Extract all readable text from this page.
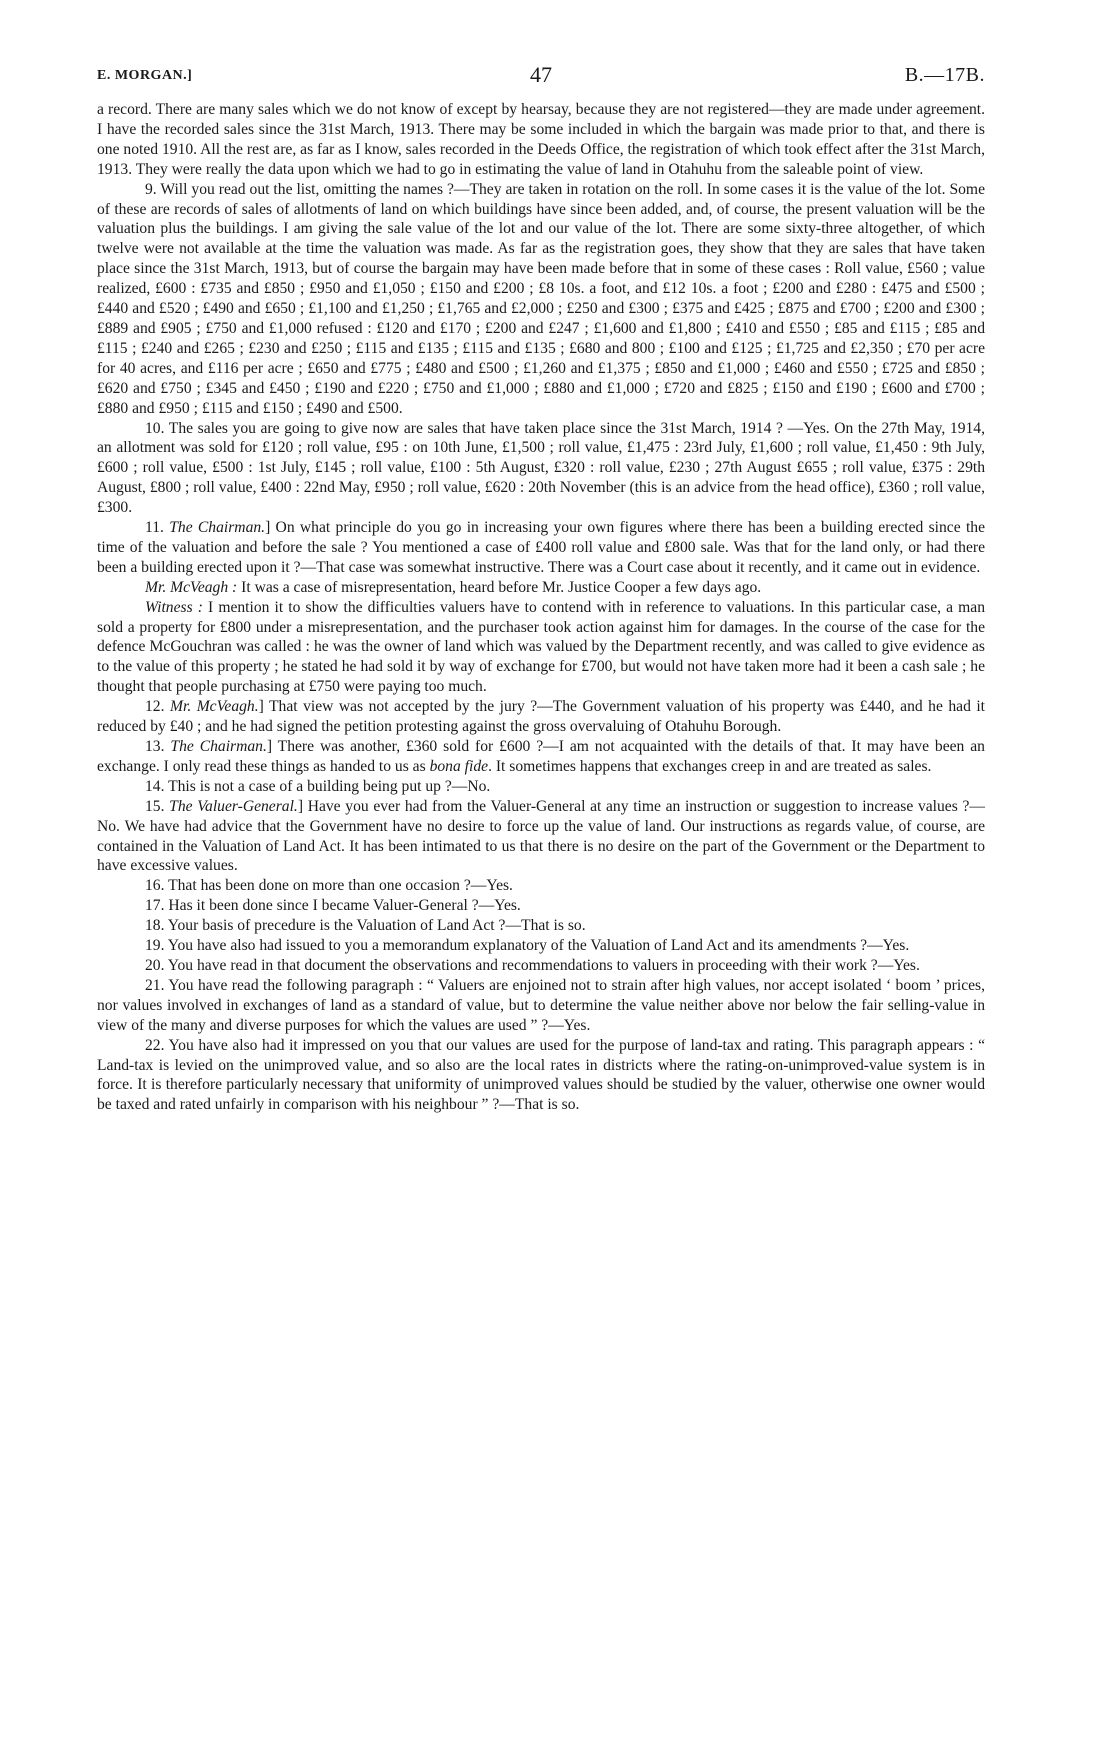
E. MORGAN.]	47	B.—17B.

a record. There are many sales which we do not know of except by hearsay, because they are not registered—they are made under agreement. I have the recorded sales since the 31st March, 1913. There may be some included in which the bargain was made prior to that, and there is one noted 1910. All the rest are, as far as I know, sales recorded in the Deeds Office, the registration of which took effect after the 31st March, 1913. They were really the data upon which we had to go in estimating the value of land in Otahuhu from the saleable point of view.

9. Will you read out the list, omitting the names ?—They are taken in rotation on the roll. In some cases it is the value of the lot. Some of these are records of sales of allotments of land on which buildings have since been added, and, of course, the present valuation will be the valuation plus the buildings. I am giving the sale value of the lot and our value of the lot. There are some sixty-three altogether, of which twelve were not available at the time the valuation was made. As far as the registration goes, they show that they are sales that have taken place since the 31st March, 1913, but of course the bargain may have been made before that in some of these cases : Roll value, £560 ; value realized, £600 : £735 and £850 ; £950 and £1,050 ; £150 and £200 ; £8 10s. a foot, and £12 10s. a foot ; £200 and £280 : £475 and £500 ; £440 and £520 ; £490 and £650 ; £1,100 and £1,250 ; £1,765 and £2,000 ; £250 and £300 ; £375 and £425 ; £875 and £700 ; £200 and £300 ; £889 and £905 ; £750 and £1,000 refused : £120 and £170 ; £200 and £247 ; £1,600 and £1,800 ; £410 and £550 ; £85 and £115 ; £85 and £115 ; £240 and £265 ; £230 and £250 ; £115 and £135 ; £115 and £135 ; £680 and 800 ; £100 and £125 ; £1,725 and £2,350 ; £70 per acre for 40 acres, and £116 per acre ; £650 and £775 ; £480 and £500 ; £1,260 and £1,375 ; £850 and £1,000 ; £460 and £550 ; £725 and £850 ; £620 and £750 ; £345 and £450 ; £190 and £220 ; £750 and £1,000 ; £880 and £1,000 ; £720 and £825 ; £150 and £190 ; £600 and £700 ; £880 and £950 ; £115 and £150 ; £490 and £500.

10. The sales you are going to give now are sales that have taken place since the 31st March, 1914 ? —Yes. On the 27th May, 1914, an allotment was sold for £120 ; roll value, £95 : on 10th June, £1,500 ; roll value, £1,475 : 23rd July, £1,600 ; roll value, £1,450 : 9th July, £600 ; roll value, £500 : 1st July, £145 ; roll value, £100 : 5th August, £320 : roll value, £230 ; 27th August £655 ; roll value, £375 : 29th August, £800 ; roll value, £400 : 22nd May, £950 ; roll value, £620 : 20th November (this is an advice from the head office), £360 ; roll value, £300.

11. The Chairman.] On what principle do you go in increasing your own figures where there has been a building erected since the time of the valuation and before the sale ? You mentioned a case of £400 roll value and £800 sale. Was that for the land only, or had there been a building erected upon it ?—That case was somewhat instructive. There was a Court case about it recently, and it came out in evidence.

Mr. McVeagh : It was a case of misrepresentation, heard before Mr. Justice Cooper a few days ago.

Witness : I mention it to show the difficulties valuers have to contend with in reference to valuations. In this particular case, a man sold a property for £800 under a misrepresentation, and the purchaser took action against him for damages. In the course of the case for the defence McGouchran was called : he was the owner of land which was valued by the Department recently, and was called to give evidence as to the value of this property ; he stated he had sold it by way of exchange for £700, but would not have taken more had it been a cash sale ; he thought that people purchasing at £750 were paying too much.

12. Mr. McVeagh.] That view was not accepted by the jury ?—The Government valuation of his property was £440, and he had it reduced by £40 ; and he had signed the petition protesting against the gross overvaluing of Otahuhu Borough.

13. The Chairman.] There was another, £360 sold for £600 ?—I am not acquainted with the details of that. It may have been an exchange. I only read these things as handed to us as bona fide. It sometimes happens that exchanges creep in and are treated as sales.

14. This is not a case of a building being put up ?—No.

15. The Valuer-General.] Have you ever had from the Valuer-General at any time an instruction or suggestion to increase values ?—No. We have had advice that the Government have no desire to force up the value of land. Our instructions as regards value, of course, are contained in the Valuation of Land Act. It has been intimated to us that there is no desire on the part of the Government or the Department to have excessive values.

16. That has been done on more than one occasion ?—Yes.

17. Has it been done since I became Valuer-General ?—Yes.

18. Your basis of precedure is the Valuation of Land Act ?—That is so.

19. You have also had issued to you a memorandum explanatory of the Valuation of Land Act and its amendments ?—Yes.

20. You have read in that document the observations and recommendations to valuers in proceeding with their work ?—Yes.

21. You have read the following paragraph : “ Valuers are enjoined not to strain after high values, nor accept isolated ‘ boom ’ prices, nor values involved in exchanges of land as a standard of value, but to determine the value neither above nor below the fair selling-value in view of the many and diverse purposes for which the values are used ” ?—Yes.

22. You have also had it impressed on you that our values are used for the purpose of land-tax and rating. This paragraph appears : “ Land-tax is levied on the unimproved value, and so also are the local rates in districts where the rating-on-unimproved-value system is in force. It is therefore particularly necessary that uniformity of unimproved values should be studied by the valuer, otherwise one owner would be taxed and rated unfairly in comparison with his neighbour ” ?—That is so.
